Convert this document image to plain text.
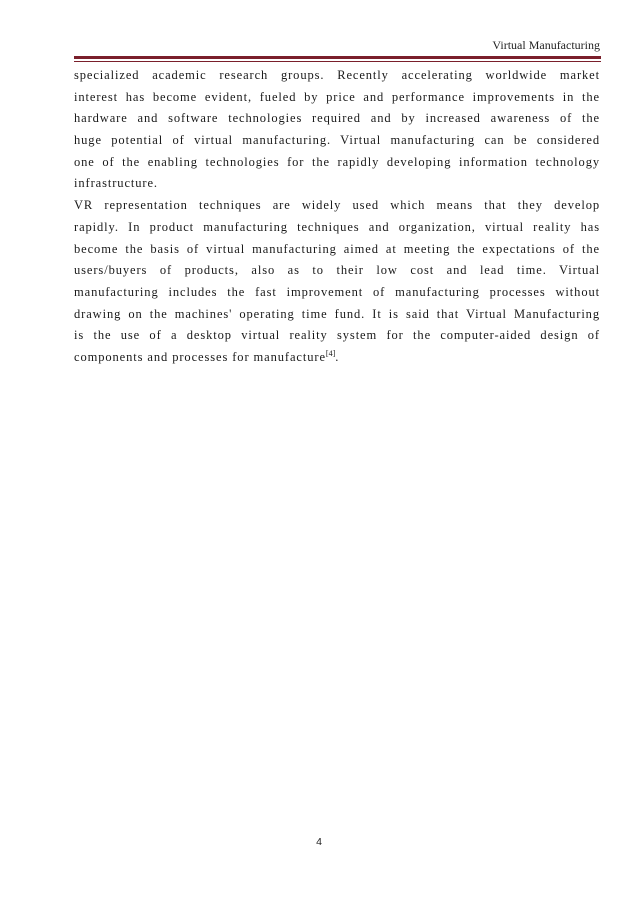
Virtual Manufacturing
specialized academic research groups. Recently accelerating worldwide market
interest has become evident, fueled by price and performance improvements in the
hardware and software technologies required and by increased awareness of the
huge potential of virtual manufacturing. Virtual manufacturing can be considered
one of the enabling technologies for the rapidly developing information technology
infrastructure.
VR representation techniques are widely used which means that they develop
rapidly. In product manufacturing techniques and organization, virtual reality has
become the basis of virtual manufacturing aimed at meeting the expectations of the
users/buyers of products, also as to their low cost and lead time. Virtual
manufacturing includes the fast improvement of manufacturing processes without
drawing on the machines' operating time fund. It is said that Virtual Manufacturing
is the use of a desktop virtual reality system for the computer-aided design of
components and processes for manufacture[4].
4
